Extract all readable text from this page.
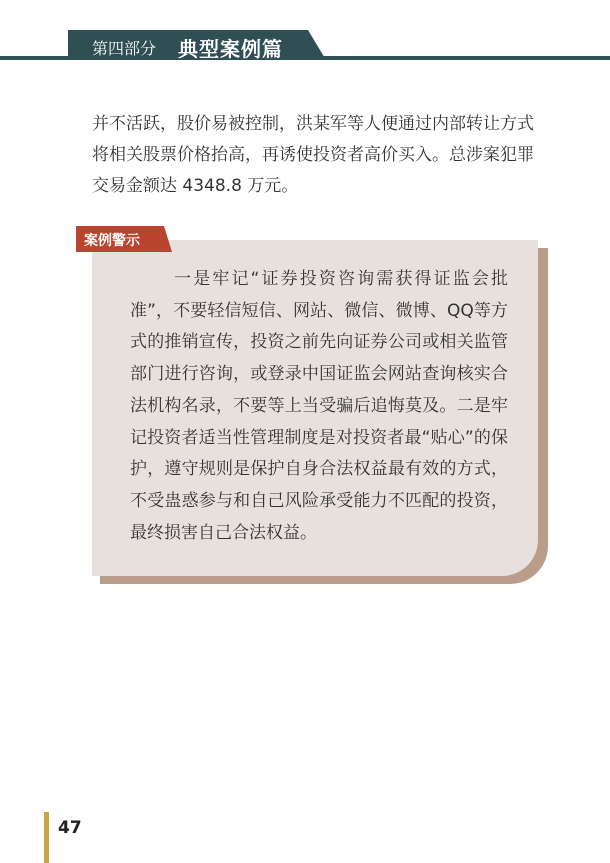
第四部分 典型案例篇
并不活跃，股价易被控制，洪某军等人便通过内部转让方式将相关股票价格抬高，再诱使投资者高价买入。总涉案犯罪交易金额达 4348.8 万元。
案例警示
一是牢记“证券投资咨询需获得证监会批准”，不要轻信短信、网站、微信、微博、QQ等方式的推销宣传，投资之前先向证券公司或相关监管部门进行咨询，或登录中国证监会网站查询核实合法机构名录，不要等上当受骗后追悔莫及。二是牢记投资者适当性管理制度是对投资者最“贴心”的保护，遵守规则是保护自身合法权益最有效的方式，不受蛊惑参与和自己风险承受能力不匹配的投资，最终损害自己合法权益。
47
